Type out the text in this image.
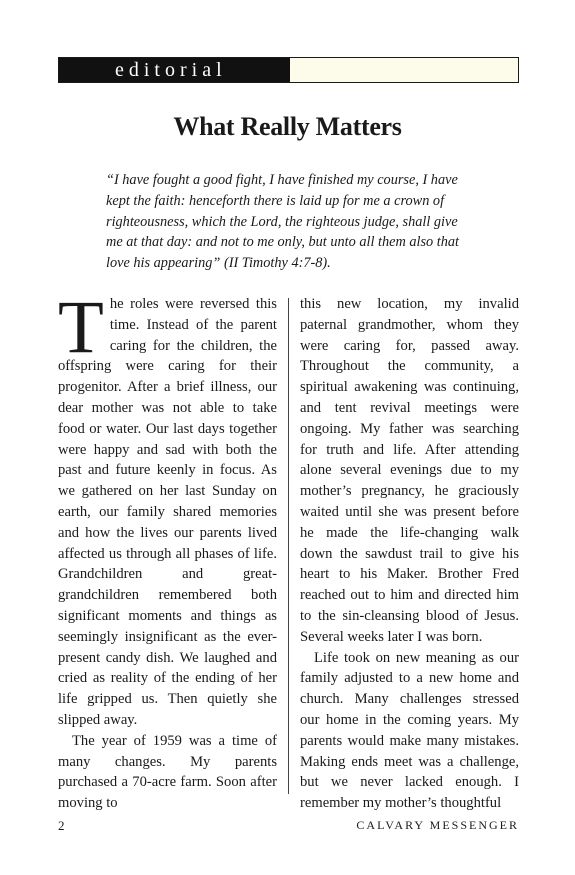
editorial
What Really Matters

“I have fought a good fight, I have finished my course, I have kept the faith: henceforth there is laid up for me a crown of righteousness, which the Lord, the righteous judge, shall give me at that day: and not to me only, but unto all them also that love his appearing” (II Timothy 4:7-8).

The roles were reversed this time. Instead of the parent caring for the children, the offspring were caring for their progenitor. After a brief illness, our dear mother was not able to take food or water. Our last days together were happy and sad with both the past and future keenly in focus. As we gathered on her last Sunday on earth, our family shared memories and how the lives our parents lived affected us through all phases of life. Grandchildren and great-grandchildren remembered both significant moments and things as seemingly insignificant as the ever-present candy dish. We laughed and cried as reality of the ending of her life gripped us. Then quietly she slipped away.

The year of 1959 was a time of many changes. My parents purchased a 70-acre farm. Soon after moving to

this new location, my invalid paternal grandmother, whom they were caring for, passed away. Throughout the community, a spiritual awakening was continuing, and tent revival meetings were ongoing. My father was searching for truth and life. After attending alone several evenings due to my mother’s pregnancy, he graciously waited until she was present before he made the life-changing walk down the sawdust trail to give his heart to his Maker. Brother Fred reached out to him and directed him to the sin-cleansing blood of Jesus. Several weeks later I was born.

Life took on new meaning as our family adjusted to a new home and church. Many challenges stressed our home in the coming years. My parents would make many mistakes. Making ends meet was a challenge, but we never lacked enough. I remember my mother’s thoughtful

2	CALVARY MESSENGER
